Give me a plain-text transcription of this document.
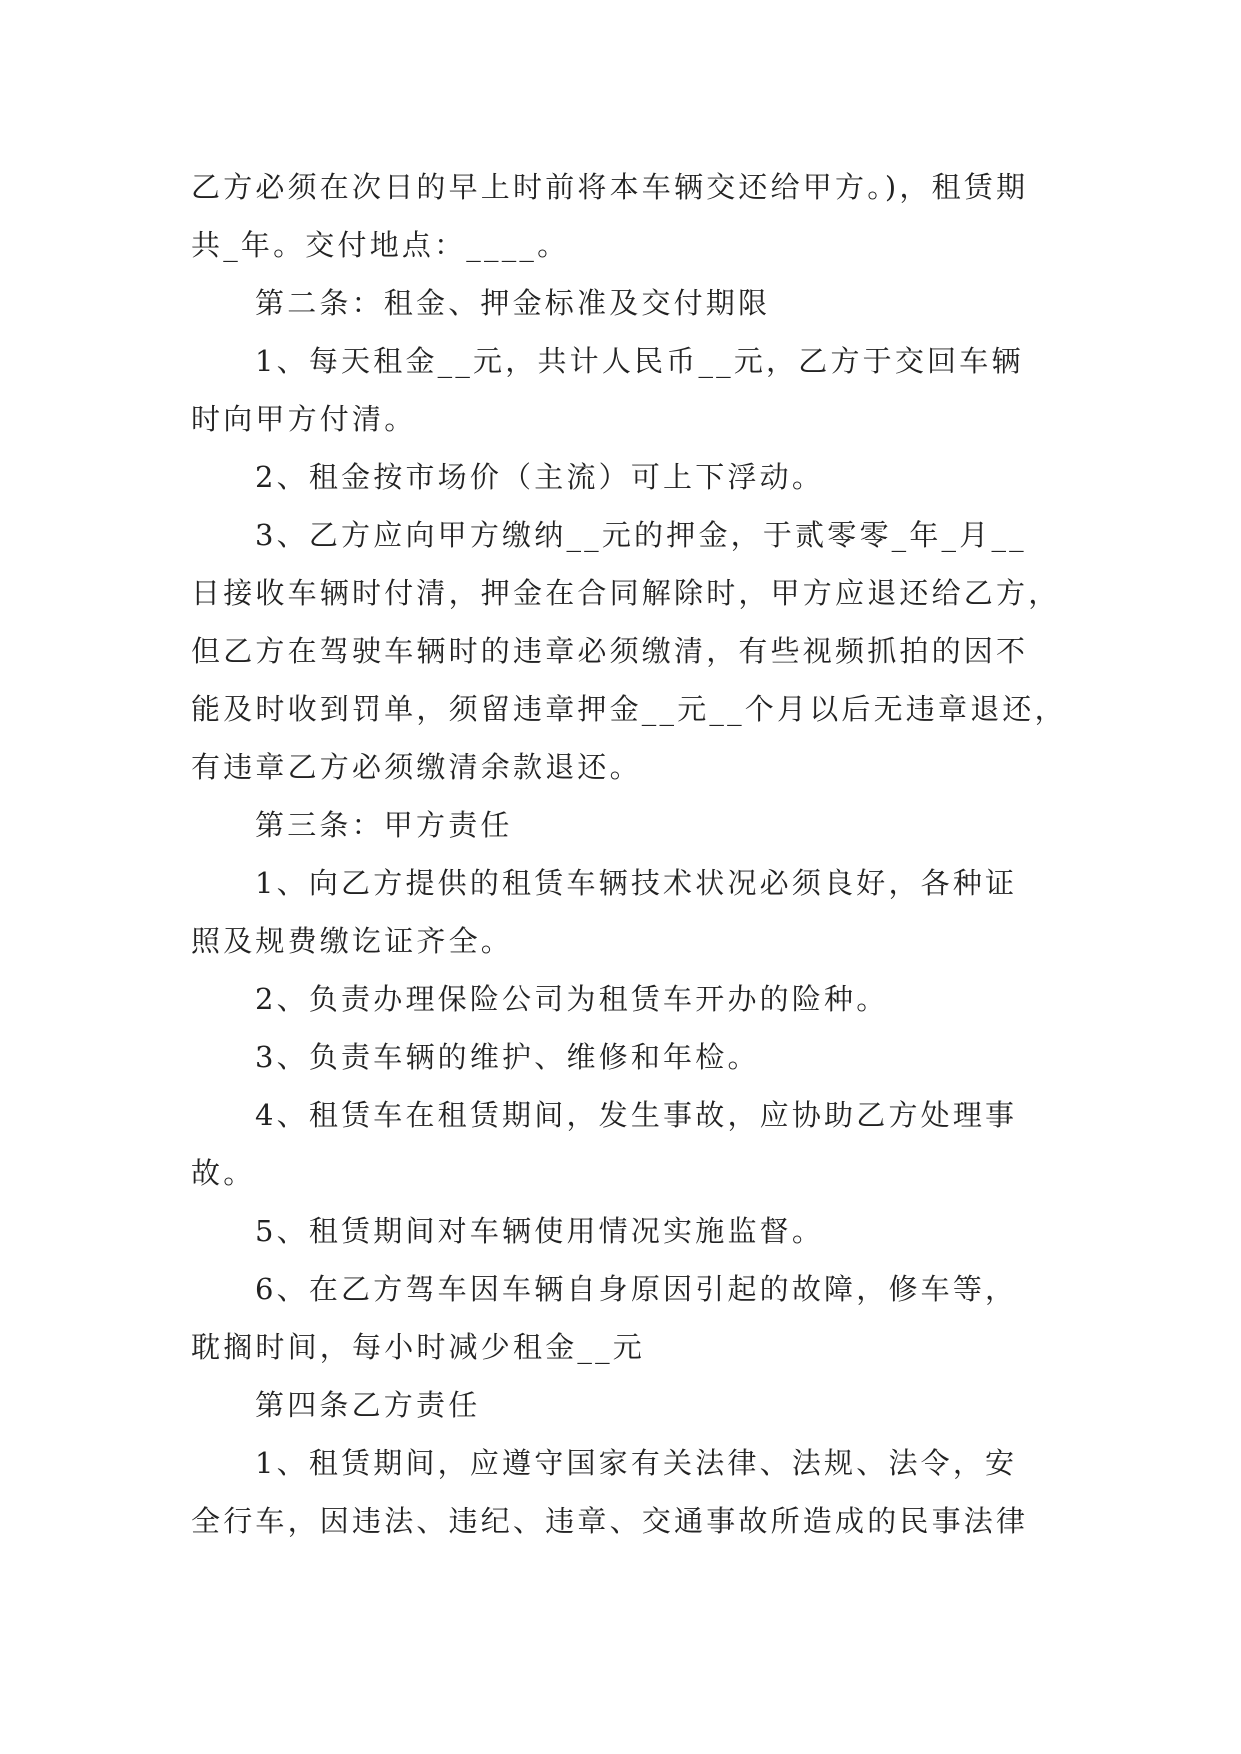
乙方必须在次日的早上时前将本车辆交还给甲方。)，租赁期
共_年。交付地点：____。
第二条：租金、押金标准及交付期限
1、每天租金__元，共计人民币__元，乙方于交回车辆
时向甲方付清。
2、租金按市场价（主流）可上下浮动。
3、乙方应向甲方缴纳__元的押金，于贰零零_年_月__
日接收车辆时付清，押金在合同解除时，甲方应退还给乙方，
但乙方在驾驶车辆时的违章必须缴清，有些视频抓拍的因不
能及时收到罚单，须留违章押金__元__个月以后无违章退还，
有违章乙方必须缴清余款退还。
第三条：甲方责任
1、向乙方提供的租赁车辆技术状况必须良好，各种证
照及规费缴讫证齐全。
2、负责办理保险公司为租赁车开办的险种。
3、负责车辆的维护、维修和年检。
4、租赁车在租赁期间，发生事故，应协助乙方处理事
故。
5、租赁期间对车辆使用情况实施监督。
6、在乙方驾车因车辆自身原因引起的故障，修车等，
耽搁时间，每小时减少租金__元
第四条乙方责任
1、租赁期间，应遵守国家有关法律、法规、法令，安
全行车，因违法、违纪、违章、交通事故所造成的民事法律
